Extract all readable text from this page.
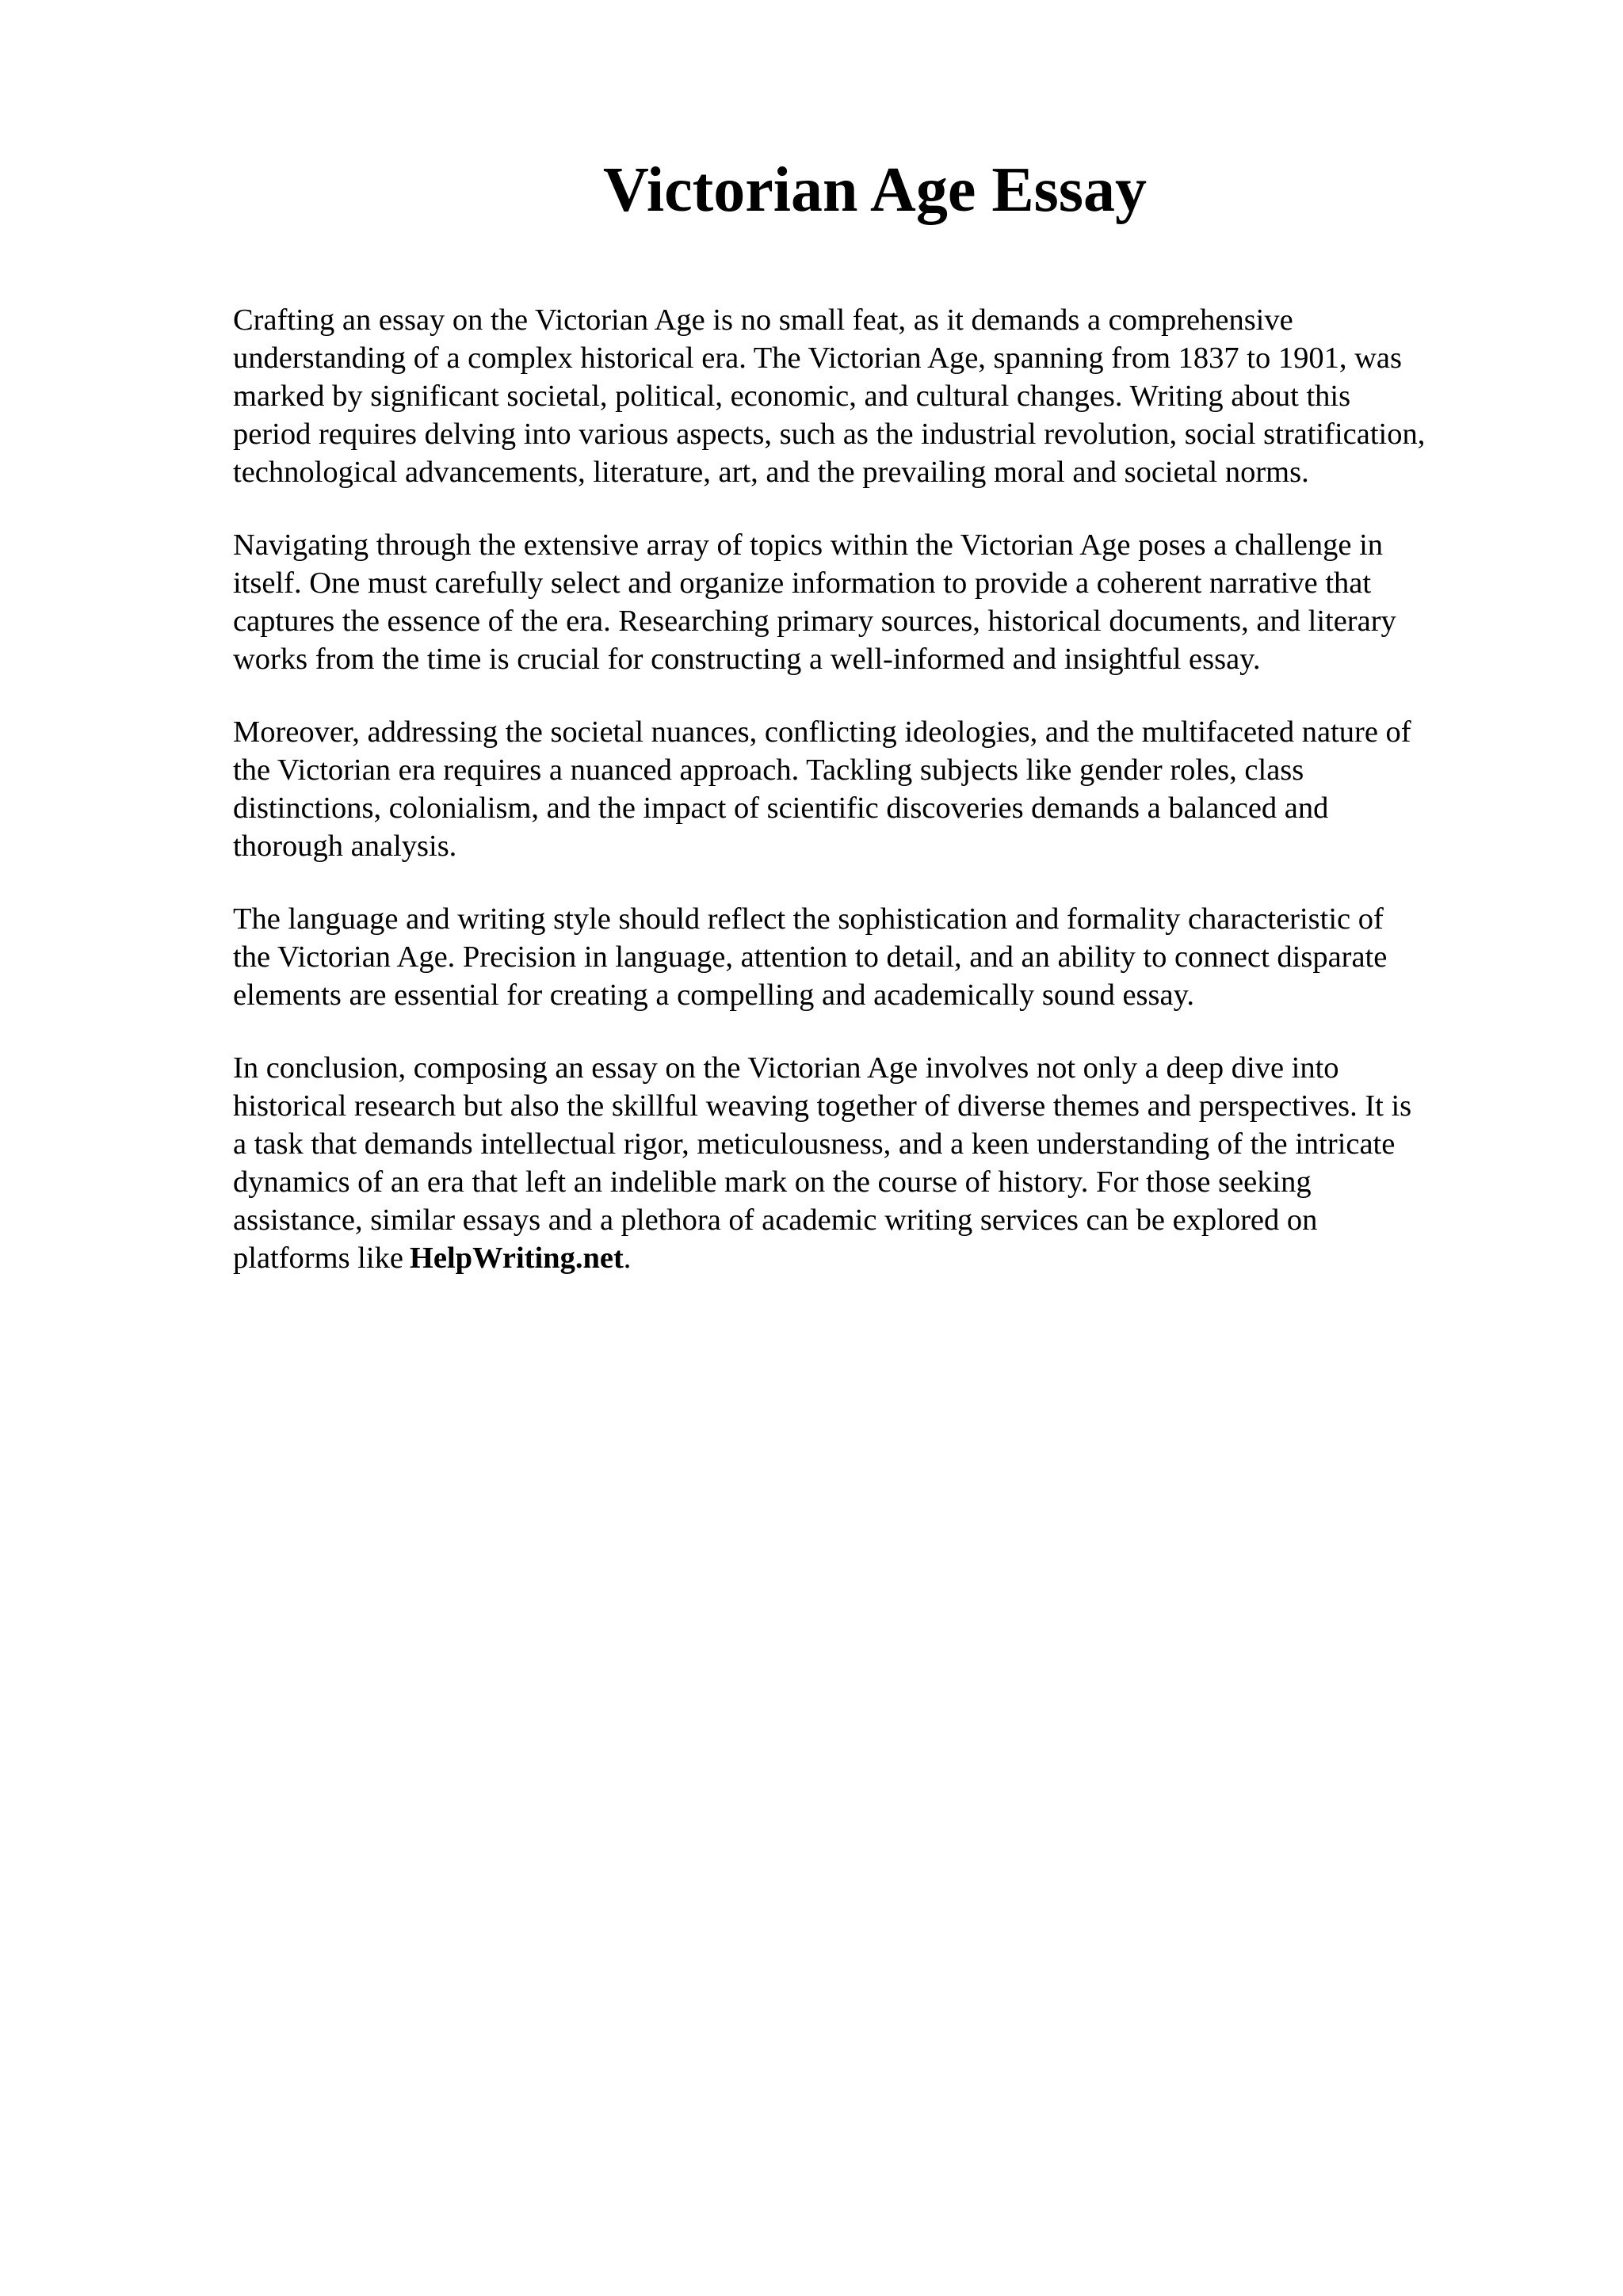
Victorian Age Essay

Crafting an essay on the Victorian Age is no small feat, as it demands a comprehensive
understanding of a complex historical era. The Victorian Age, spanning from 1837 to 1901, was
marked by significant societal, political, economic, and cultural changes. Writing about this
period requires delving into various aspects, such as the industrial revolution, social stratification,
technological advancements, literature, art, and the prevailing moral and societal norms.

Navigating through the extensive array of topics within the Victorian Age poses a challenge in
itself. One must carefully select and organize information to provide a coherent narrative that
captures the essence of the era. Researching primary sources, historical documents, and literary
works from the time is crucial for constructing a well-informed and insightful essay.

Moreover, addressing the societal nuances, conflicting ideologies, and the multifaceted nature of
the Victorian era requires a nuanced approach. Tackling subjects like gender roles, class
distinctions, colonialism, and the impact of scientific discoveries demands a balanced and
thorough analysis.

The language and writing style should reflect the sophistication and formality characteristic of
the Victorian Age. Precision in language, attention to detail, and an ability to connect disparate
elements are essential for creating a compelling and academically sound essay.

In conclusion, composing an essay on the Victorian Age involves not only a deep dive into
historical research but also the skillful weaving together of diverse themes and perspectives. It is
a task that demands intellectual rigor, meticulousness, and a keen understanding of the intricate
dynamics of an era that left an indelible mark on the course of history. For those seeking
assistance, similar essays and a plethora of academic writing services can be explored on
platforms like HelpWriting.net.
